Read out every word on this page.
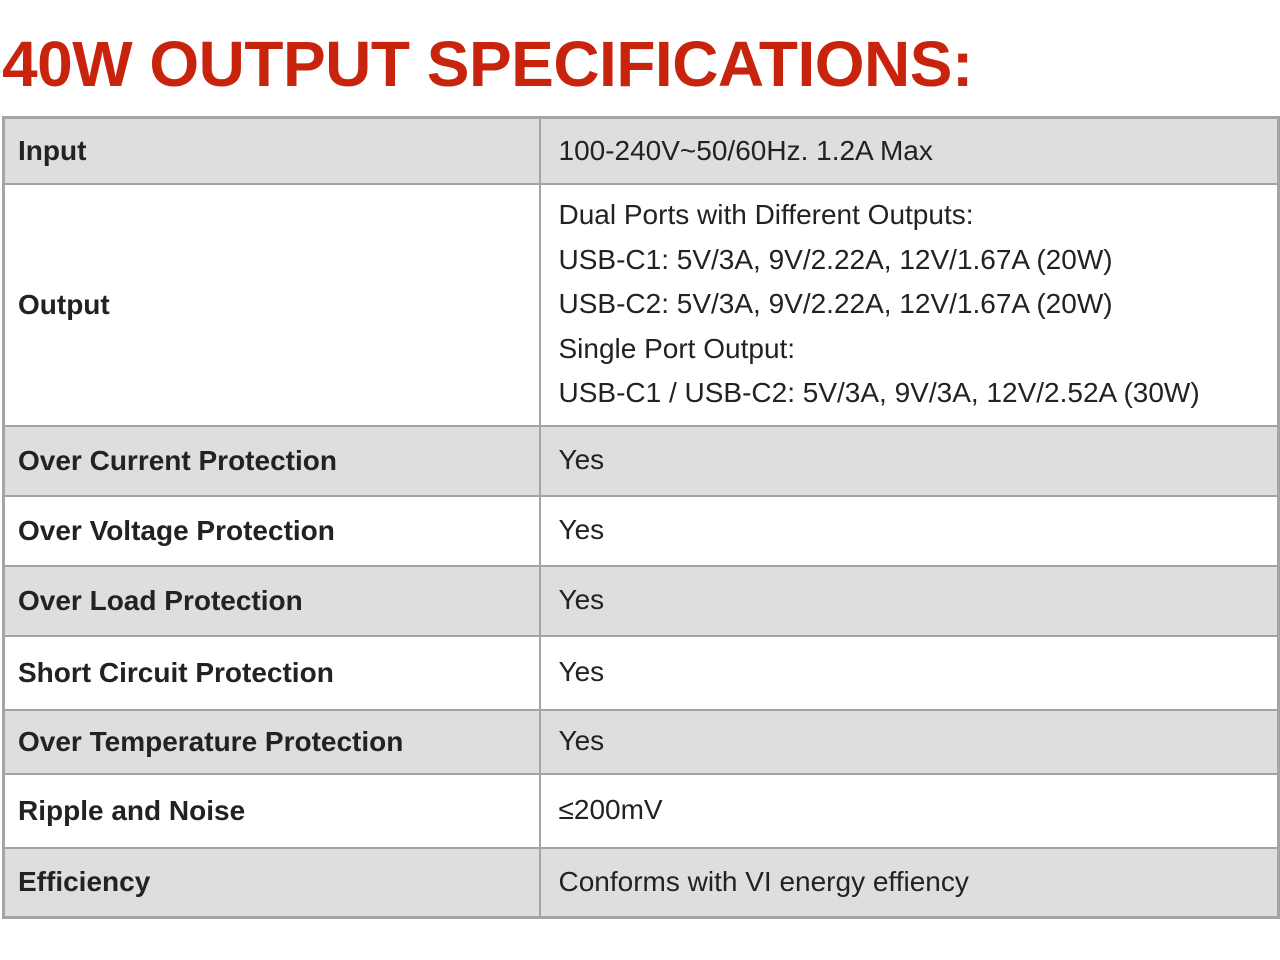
40W OUTPUT SPECIFICATIONS:
Input	100-240V~50/60Hz. 1.2A Max

Output	Dual Ports with Different Outputs:
USB-C1: 5V/3A, 9V/2.22A, 12V/1.67A (20W)
USB-C2: 5V/3A, 9V/2.22A, 12V/1.67A (20W)
Single Port Output:
USB-C1 / USB-C2: 5V/3A, 9V/3A, 12V/2.52A (30W)

Over Current Protection	Yes

Over Voltage Protection	Yes

Over Load Protection	Yes

Short Circuit Protection	Yes

Over Temperature Protection	Yes

Ripple and Noise	≤200mV

Efficiency	Conforms with VI energy effiency
